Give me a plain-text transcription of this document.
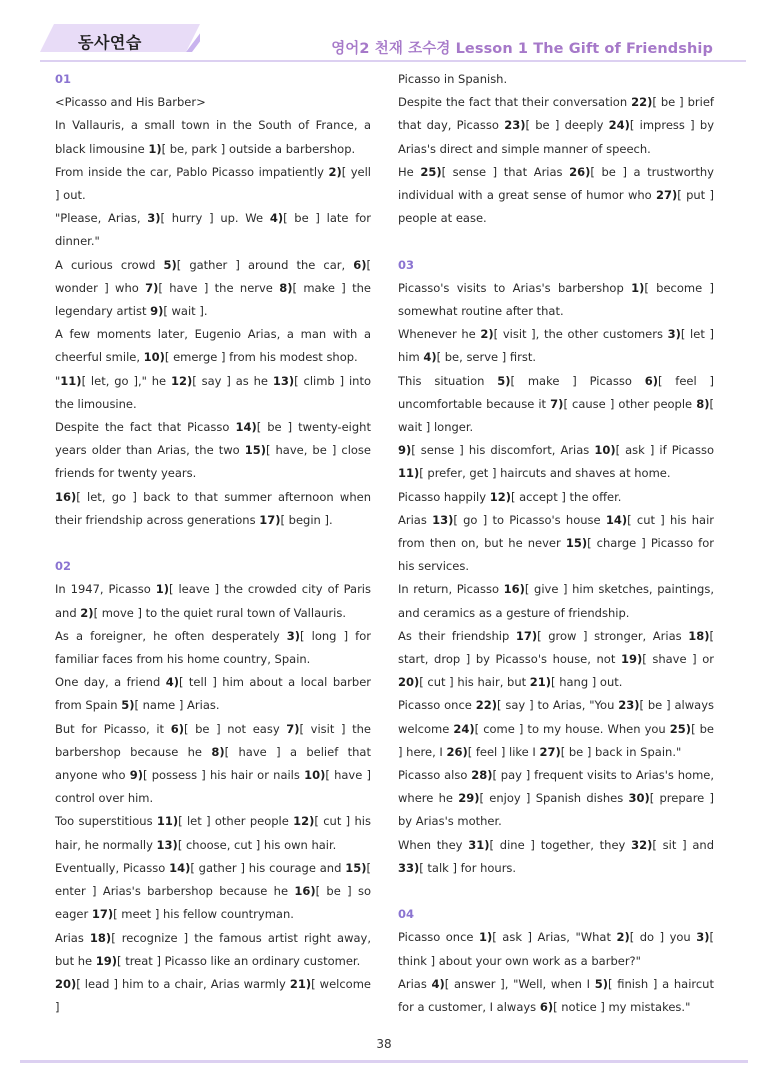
동사연습	영어2 천재 조수경 Lesson 1 The Gift of Friendship
01

<Picasso and His Barber>

In Vallauris, a small town in the South of France, a black limousine 1)[ be, park ] outside a barbershop.

From inside the car, Pablo Picasso impatiently 2)[ yell ] out.

"Please, Arias, 3)[ hurry ] up. We 4)[ be ] late for dinner."

A curious crowd 5)[ gather ] around the car, 6)[ wonder ] who 7)[ have ] the nerve 8)[ make ] the legendary artist 9)[ wait ].

A few moments later, Eugenio Arias, a man with a cheerful smile, 10)[ emerge ] from his modest shop.

"11)[ let, go ]," he 12)[ say ] as he 13)[ climb ] into the limousine.

Despite the fact that Picasso 14)[ be ] twenty-eight years older than Arias, the two 15)[ have, be ] close friends for twenty years.

16)[ let, go ] back to that summer afternoon when their friendship across generations 17)[ begin ].

02

In 1947, Picasso 1)[ leave ] the crowded city of Paris and 2)[ move ] to the quiet rural town of Vallauris.

As a foreigner, he often desperately 3)[ long ] for familiar faces from his home country, Spain.

One day, a friend 4)[ tell ] him about a local barber from Spain 5)[ name ] Arias.

But for Picasso, it 6)[ be ] not easy 7)[ visit ] the barbershop because he 8)[ have ] a belief that anyone who 9)[ possess ] his hair or nails 10)[ have ] control over him.

Too superstitious 11)[ let ] other people 12)[ cut ] his hair, he normally 13)[ choose, cut ] his own hair.

Eventually, Picasso 14)[ gather ] his courage and 15)[ enter ] Arias's barbershop because he 16)[ be ] so eager 17)[ meet ] his fellow countryman.

Arias 18)[ recognize ] the famous artist right away, but he 19)[ treat ] Picasso like an ordinary customer.

20)[ lead ] him to a chair, Arias warmly 21)[ welcome ]

Picasso in Spanish.

Despite the fact that their conversation 22)[ be ] brief that day, Picasso 23)[ be ] deeply 24)[ impress ] by Arias's direct and simple manner of speech.

He 25)[ sense ] that Arias 26)[ be ] a trustworthy individual with a great sense of humor who 27)[ put ] people at ease.

03

Picasso's visits to Arias's barbershop 1)[ become ] somewhat routine after that.

Whenever he 2)[ visit ], the other customers 3)[ let ] him 4)[ be, serve ] first.

This situation 5)[ make ] Picasso 6)[ feel ] uncomfortable because it 7)[ cause ] other people 8)[ wait ] longer.

9)[ sense ] his discomfort, Arias 10)[ ask ] if Picasso 11)[ prefer, get ] haircuts and shaves at home.

Picasso happily 12)[ accept ] the offer.

Arias 13)[ go ] to Picasso's house 14)[ cut ] his hair from then on, but he never 15)[ charge ] Picasso for his services.

In return, Picasso 16)[ give ] him sketches, paintings, and ceramics as a gesture of friendship.

As their friendship 17)[ grow ] stronger, Arias 18)[ start, drop ] by Picasso's house, not 19)[ shave ] or 20)[ cut ] his hair, but 21)[ hang ] out.

Picasso once 22)[ say ] to Arias, "You 23)[ be ] always welcome 24)[ come ] to my house. When you 25)[ be ] here, I 26)[ feel ] like I 27)[ be ] back in Spain."

Picasso also 28)[ pay ] frequent visits to Arias's home, where he 29)[ enjoy ] Spanish dishes 30)[ prepare ] by Arias's mother.

When they 31)[ dine ] together, they 32)[ sit ] and 33)[ talk ] for hours.

04

Picasso once 1)[ ask ] Arias, "What 2)[ do ] you 3)[ think ] about your own work as a barber?"

Arias 4)[ answer ], "Well, when I 5)[ finish ] a haircut for a customer, I always 6)[ notice ] my mistakes."

38
